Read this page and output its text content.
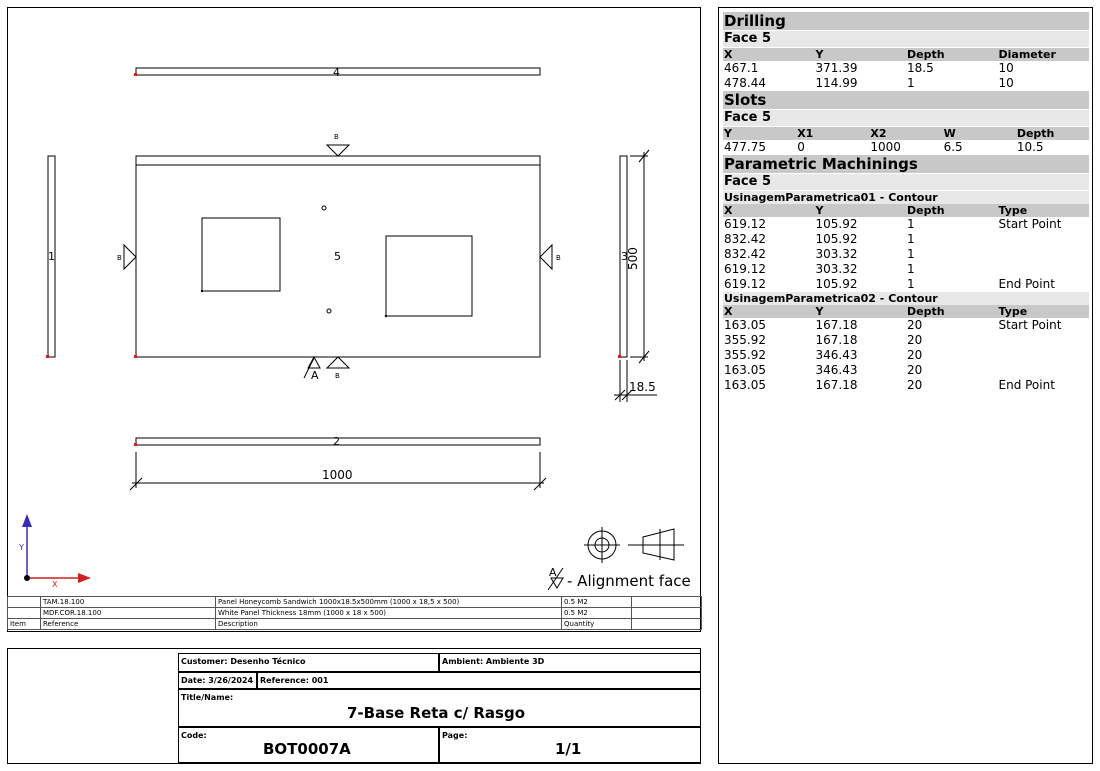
4
2
1	3
5
B
B
B	B
A
1000
500
18.5
Y
X
A - Alignment face
	TAM.18.100	Panel Honeycomb Sandwich 1000x18.5x500mm (1000 x 18,5 x 500)	0.5 M2	
	MDF.COR.18.100	White Panel Thickness 18mm (1000 x 18 x 500)	0.5 M2	
Item	Reference	Description	Quantity	
Customer: Desenho Técnico	Ambient: Ambiente 3D
Date: 3/26/2024 Reference: 001
Title/Name:
7-Base Reta c/ Rasgo
Code:
BOT0007A
Page:
1/1
Drilling
Face 5
X	Y	Depth	Diameter
467.1	371.39	18.5	10
478.44	114.99	1	10
Slots
Face 5
Y	X1	X2	W	Depth
477.75	0	1000	6.5	10.5
Parametric Machinings
Face 5
UsinagemParametrica01 - Contour
X	Y	Depth	Type
619.12	105.92	1	Start Point
832.42	105.92	1
832.42	303.32	1
619.12	303.32	1
619.12	105.92	1	End Point
UsinagemParametrica02 - Contour
X	Y	Depth	Type
163.05	167.18	20	Start Point
355.92	167.18	20
355.92	346.43	20
163.05	346.43	20
163.05	167.18	20	End Point
